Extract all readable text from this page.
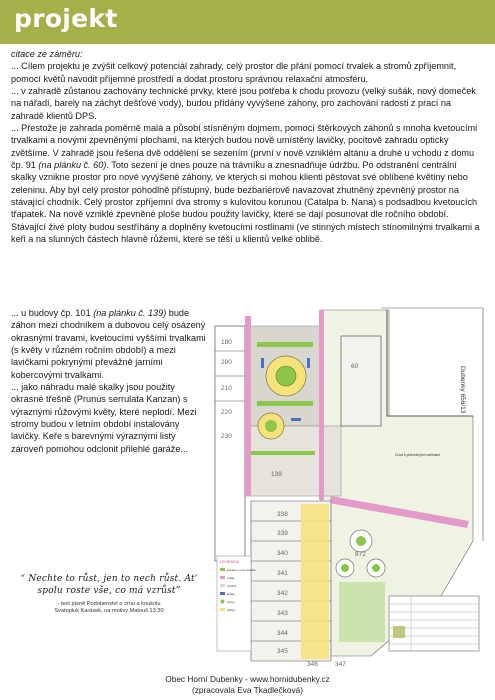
projekt

citace ze záměru:

... Cílem projektu je zvýšit celkový potenciál zahrady, celý prostor dle přání pomocí trvalek a stromů zpříjemnit, pomocí květů navodit příjemné prostředí a dodat prostoru správnou relaxační atmosféru.

... v zahradě zůstanou zachovány technické prvky, které jsou potřeba k chodu provozu (velký sušák, nový domeček na nářadí, barely na záchyt dešťové vody), budou přidány vyvýšené záhony, pro zachování radosti z prací na zahradě klientů DPS.

... Přestože je zahrada poměrně malá a působí stísněným dojmem, pomocí štěrkových záhonů s mnoha kvetoucími trvalkami a novými zpevněnými plochami, na kterých budou nově umístěny lavičky, pocitově zahradu opticky zvětšíme. V zahradě jsou řešena dvě oddělení se sezením (první v nově vzniklém altánu a druhé u vchodu z domu čp. 91 (na plánku č. 60). Toto sezení je dnes pouze na trávníku a znesnadňuje údržbu. Po odstranění centrální skalky vznikne prostor pro nové vyvýšené záhony, ve kterých si mohou klienti pěstovat své oblíbené květiny nebo zeleninu. Aby byl celý prostor pohodlně přístupný, bude bezbariérově navazovat zhutněný zpevněný prostor na stávající chodník. Celý prostor zpříjemní dva stromy s kulovitou korunou (Catalpa b. Nana) s podsadbou kvetoucích třapatek. Na nově vzniklé zpevněné ploše budou použity lavičky, které se dají posunovat dle ročního období. Stávající živé ploty budou sestříhány a doplněny kvetoucími rostlinami (ve stinných místech stínomilnými trvalkami a keři a na slunných částech hlavně růžemi, které se těší u klientů velké oblibě.

... u budovy čp. 101 (na plánku č. 139) bude záhon mezi chodníkem a dubovou celý osázený okrasnými travami, kvetoucími vyššími trvalkami (s květy v různém ročním období) a mezi lavičkami pokrynými převážně jarními kobercovými trvalkami.

... jako náhradu malé skalky jsou použity okrasné třešně (Prunus serrulata Kanzan) s výraznými růžovými květy, které neplodí. Mezi stromy budou v letním období instalovány lavičky. Keře s barevnými výraznými listy zároveň pomohou odclonit přilehlé garáže...

“ Nechte to růst, jen to nech růst. At' spolu roste vše, co má vzrůst”
- text písně Podobenství o zrnu a koukolu
Svatopluk Karásek, na motivy Matouš 13:30
LEGENDA
stávající + nová výsadba
trvalky
chodník
lavičky
stromy
záhony
Dubenky 656/13
Chod s jedinečnými rostlinami
180
200
210
220
230
60
139
338
339
340
341
342
343
344
345
346	347
872
Obec Horní Dubenky - www.hornidubenky.cz
(zpracovala Eva Tkadlečková)
